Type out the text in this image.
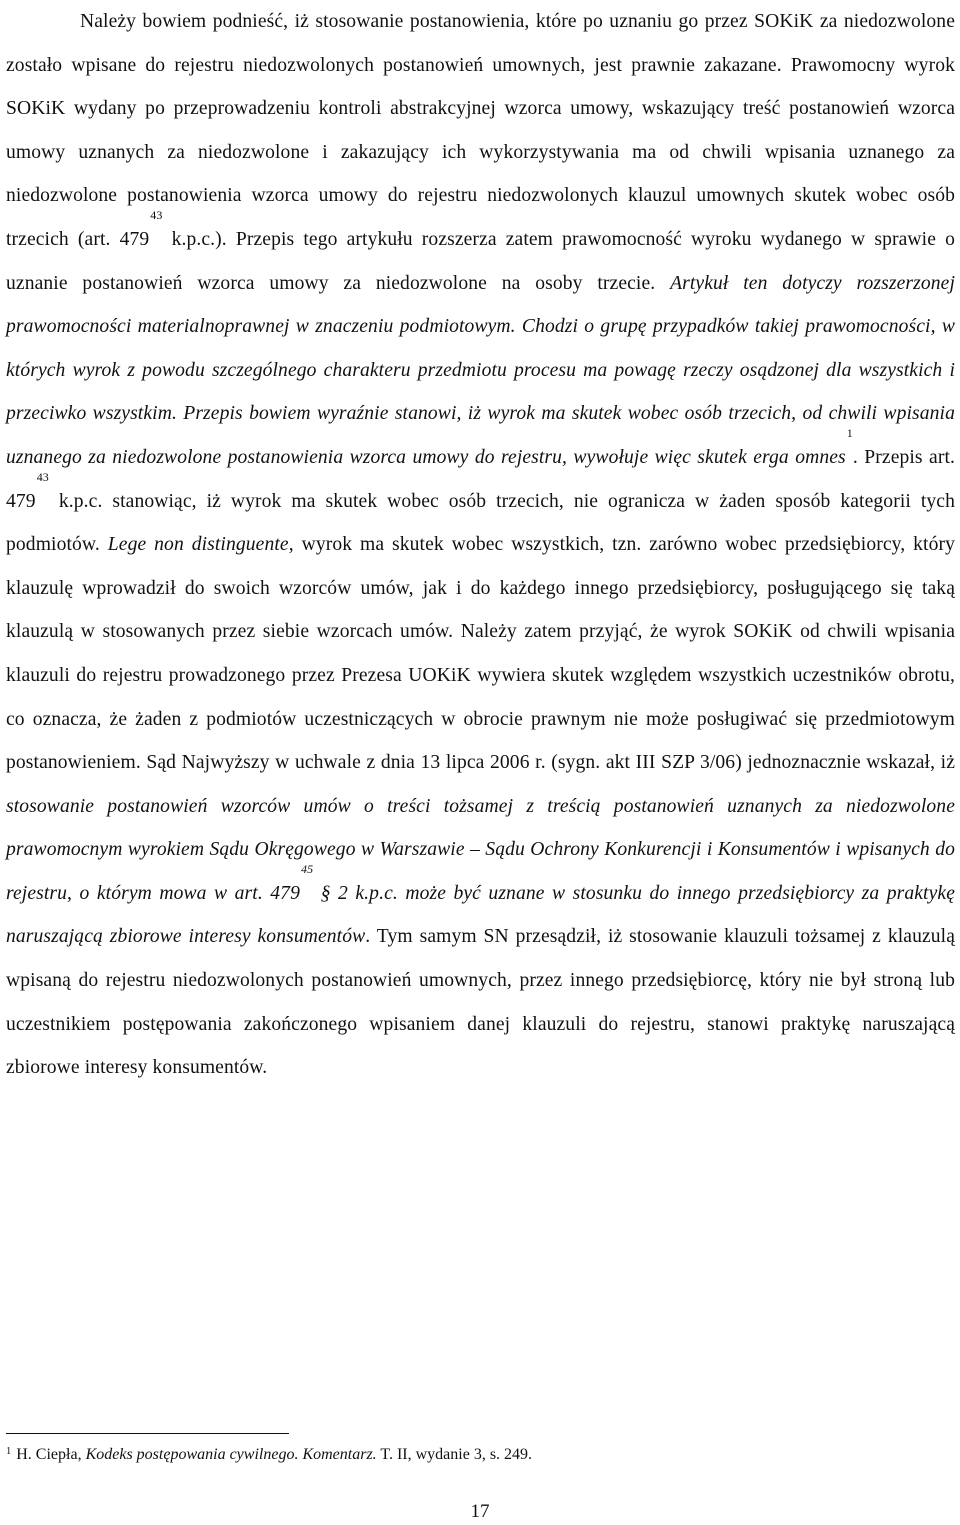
Należy bowiem podnieść, iż stosowanie postanowienia, które po uznaniu go przez SOKiK za niedozwolone zostało wpisane do rejestru niedozwolonych postanowień umownych, jest prawnie zakazane. Prawomocny wyrok SOKiK wydany po przeprowadzeniu kontroli abstrakcyjnej wzorca umowy, wskazujący treść postanowień wzorca umowy uznanych za niedozwolone i zakazujący ich wykorzystywania ma od chwili wpisania uznanego za niedozwolone postanowienia wzorca umowy do rejestru niedozwolonych klauzul umownych skutek wobec osób trzecich (art. $479^{43}$ k.p.c.). Przepis tego artykułu rozszerza zatem prawomocność wyroku wydanego w sprawie o uznanie postanowień wzorca umowy za niedozwolone na osoby trzecie. Artykuł ten dotyczy rozszerzonej prawomocności materialnoprawnej w znaczeniu podmiotowym. Chodzi o grupę przypadków takiej prawomocności, w których wyrok z powodu szczególnego charakteru przedmiotu procesu ma powagę rzeczy osądzonej dla wszystkich i przeciwko wszystkim. Przepis bowiem wyraźnie stanowi, iż wyrok ma skutek wobec osób trzecich, od chwili wpisania uznanego za niedozwolone postanowienia wzorca umowy do rejestru, wywołuje więc skutek erga omnes$^1$. Przepis art. $479^{43}$ k.p.c. stanowiąc, iż wyrok ma skutek wobec osób trzecich, nie ogranicza w żaden sposób kategorii tych podmiotów. Lege non distinguente, wyrok ma skutek wobec wszystkich, tzn. zarówno wobec przedsiębiorcy, który klauzulę wprowadził do swoich wzorców umów, jak i do każdego innego przedsiębiorcy, posługującego się taką klauzulą w stosowanych przez siebie wzorcach umów. Należy zatem przyjąć, że wyrok SOKiK od chwili wpisania klauzuli do rejestru prowadzonego przez Prezesa UOKiK wywiera skutek względem wszystkich uczestników obrotu, co oznacza, że żaden z podmiotów uczestniczących w obrocie prawnym nie może posługiwać się przedmiotowym postanowieniem. Sąd Najwyższy w uchwale z dnia 13 lipca 2006 r. (sygn. akt III SZP 3/06) jednoznacznie wskazał, iż stosowanie postanowień wzorców umów o treści tożsamej z treścią postanowień uznanych za niedozwolone prawomocnym wyrokiem Sądu Okręgowego w Warszawie – Sądu Ochrony Konkurencji i Konsumentów i wpisanych do rejestru, o którym mowa w art. $479^{45}$ § 2 k.p.c. może być uznane w stosunku do innego przedsiębiorcy za praktykę naruszającą zbiorowe interesy konsumentów. Tym samym SN przesądził, iż stosowanie klauzuli tożsamej z klauzulą wpisaną do rejestru niedozwolonych postanowień umownych, przez innego przedsiębiorcę, który nie był stroną lub uczestnikiem postępowania zakończonego wpisaniem danej klauzuli do rejestru, stanowi praktykę naruszającą zbiorowe interesy konsumentów.

$^1$ H. Ciepła, Kodeks postępowania cywilnego. Komentarz. T. II, wydanie 3, s. 249.

17
